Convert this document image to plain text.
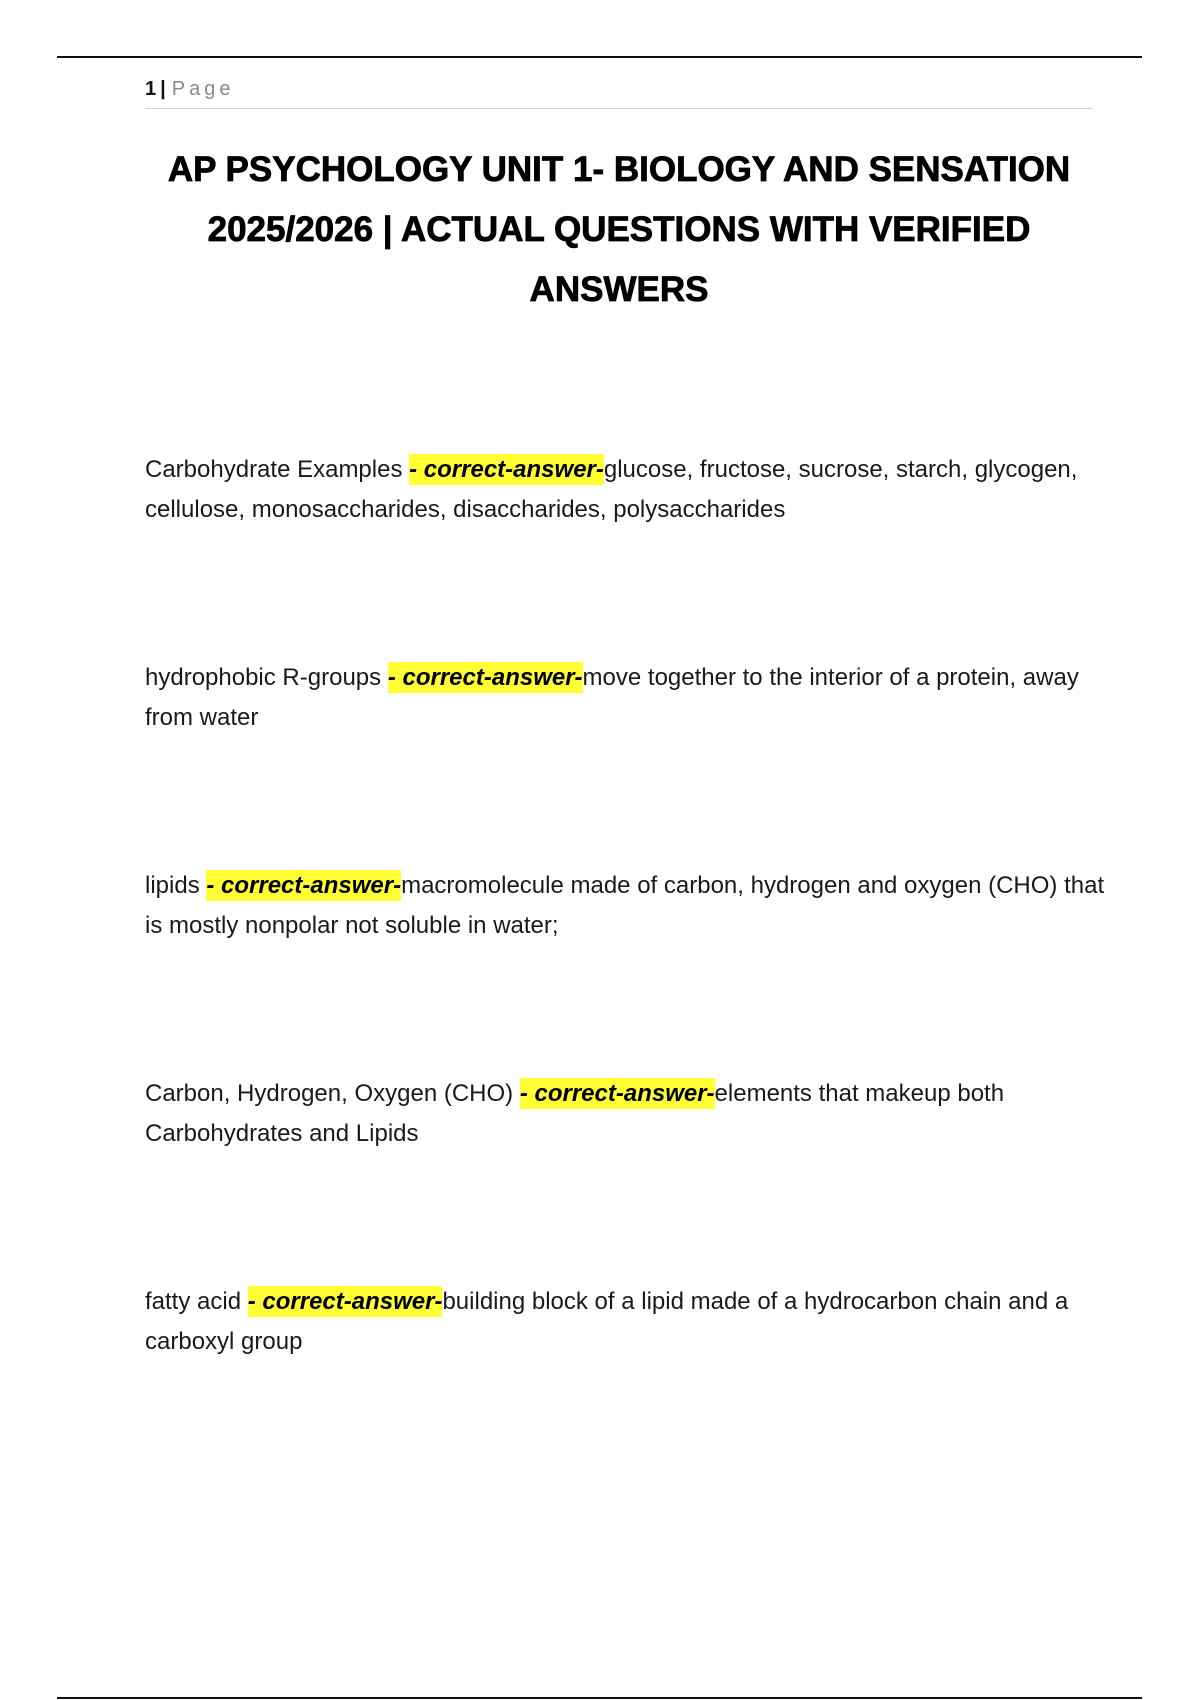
1 | Page
AP PSYCHOLOGY UNIT 1- BIOLOGY AND SENSATION 2025/2026 | ACTUAL QUESTIONS WITH VERIFIED ANSWERS

Carbohydrate Examples - correct-answer-glucose, fructose, sucrose, starch, glycogen, cellulose, monosaccharides, disaccharides, polysaccharides

hydrophobic R-groups - correct-answer-move together to the interior of a protein, away from water

lipids - correct-answer-macromolecule made of carbon, hydrogen and oxygen (CHO) that is mostly nonpolar not soluble in water;

Carbon, Hydrogen, Oxygen (CHO) - correct-answer-elements that makeup both Carbohydrates and Lipids

fatty acid - correct-answer-building block of a lipid made of a hydrocarbon chain and a carboxyl group
